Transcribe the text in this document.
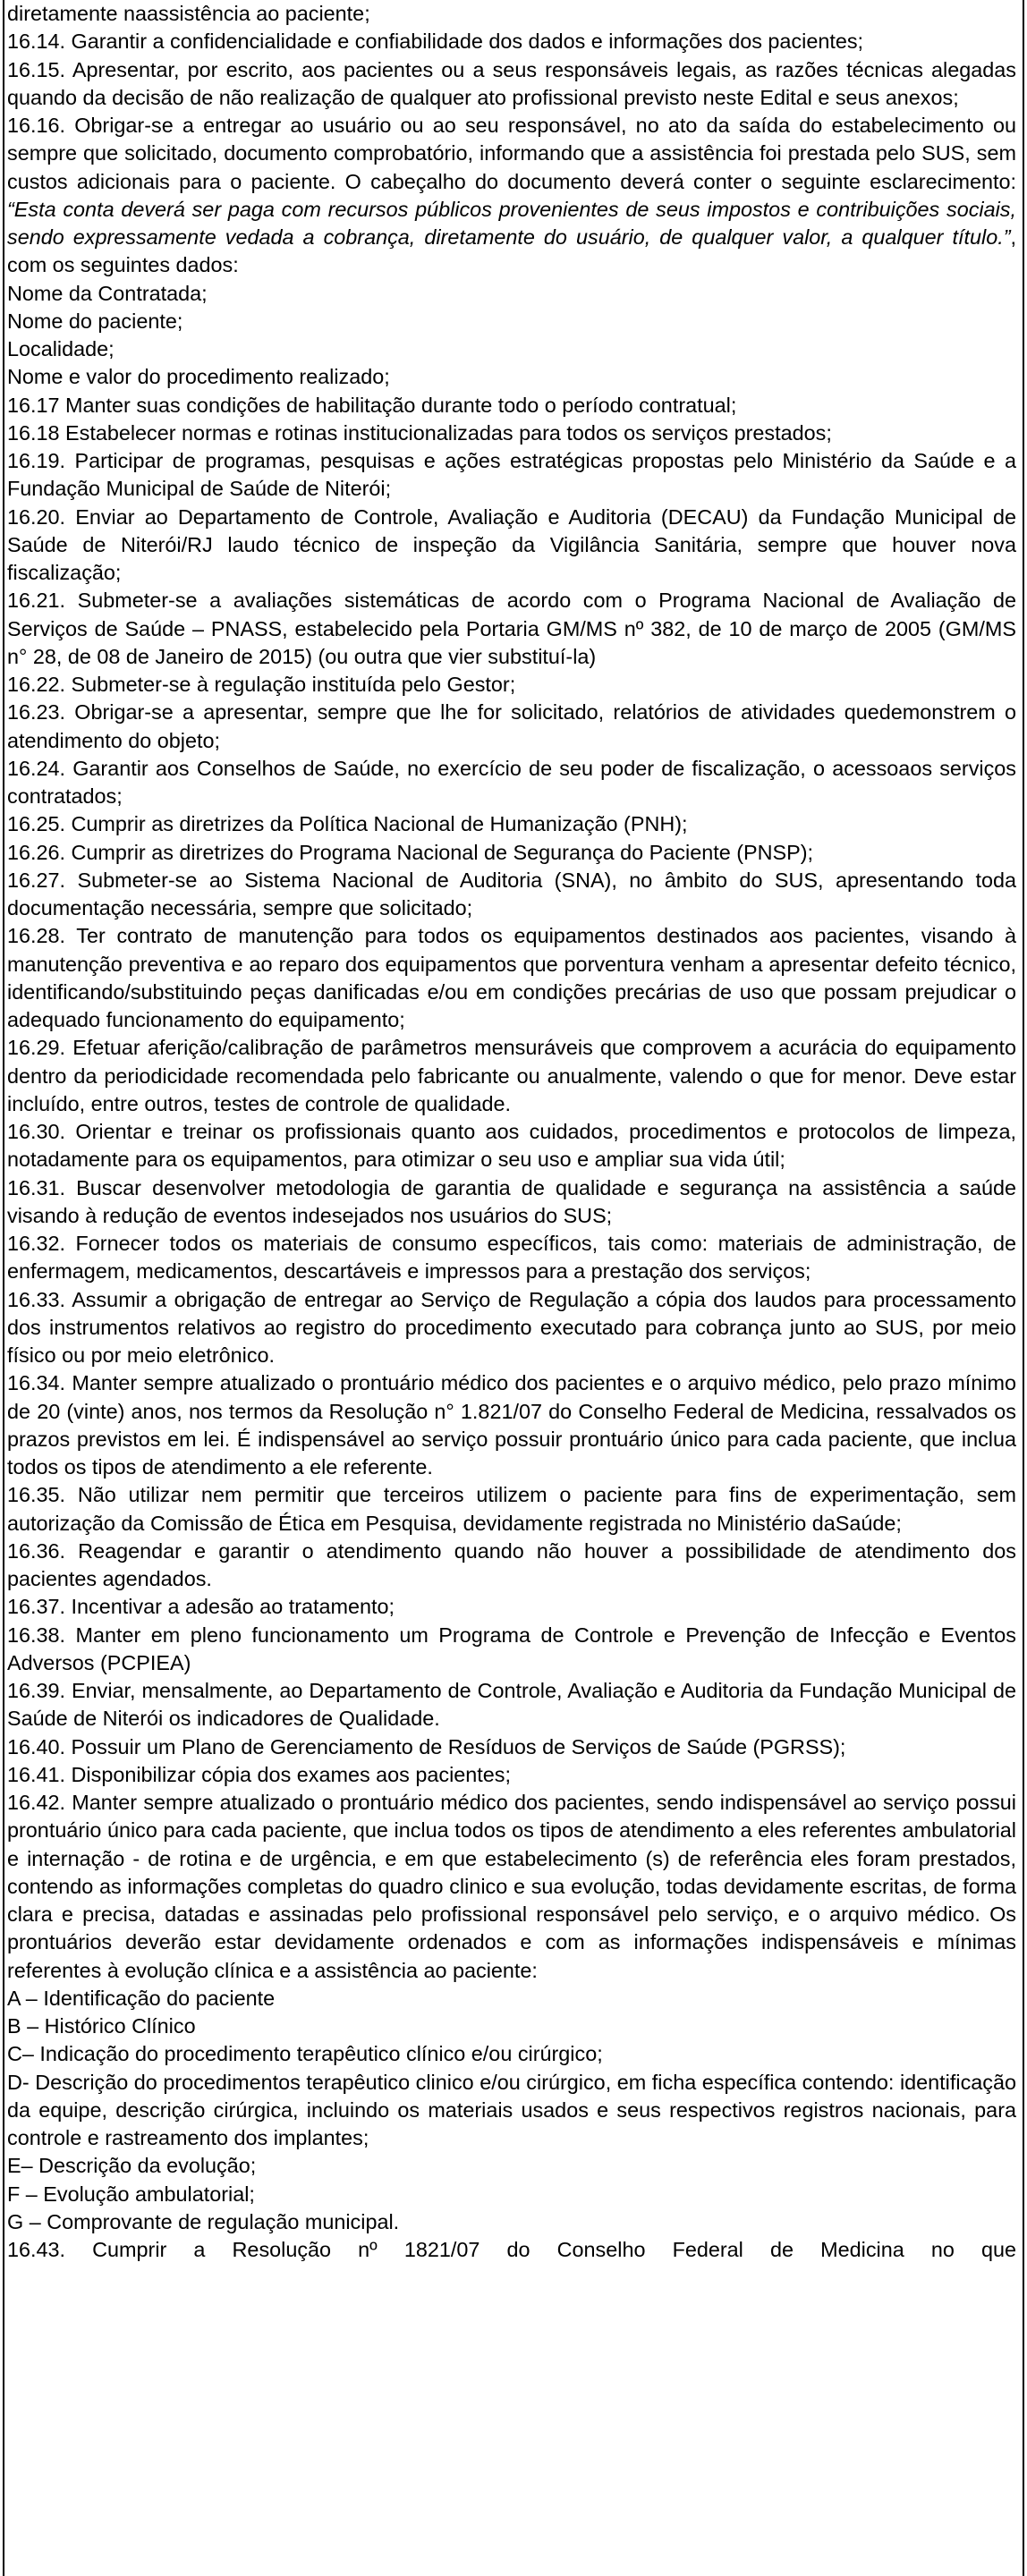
diretamente naassistência ao paciente;

16.14. Garantir a confidencialidade e confiabilidade dos dados e informações dos pacientes;

16.15. Apresentar, por escrito, aos pacientes ou a seus responsáveis legais, as razões técnicas alegadas quando da decisão de não realização de qualquer ato profissional previsto neste Edital e seus anexos;

16.16. Obrigar-se a entregar ao usuário ou ao seu responsável, no ato da saída do estabelecimento ou sempre que solicitado, documento comprobatório, informando que a assistência foi prestada pelo SUS, sem custos adicionais para o paciente. O cabeçalho do documento deverá conter o seguinte esclarecimento: “Esta conta deverá ser paga com recursos públicos provenientes de seus impostos e contribuições sociais, sendo expressamente vedada a cobrança, diretamente do usuário, de qualquer valor, a qualquer título.”, com os seguintes dados:

Nome da Contratada;

Nome do paciente;

Localidade;

Nome e valor do procedimento realizado;

16.17 Manter suas condições de habilitação durante todo o período contratual;

16.18 Estabelecer normas e rotinas institucionalizadas para todos os serviços prestados;

16.19. Participar de programas, pesquisas e ações estratégicas propostas pelo Ministério da Saúde e a Fundação Municipal de Saúde de Niterói;

16.20. Enviar ao Departamento de Controle, Avaliação e Auditoria (DECAU) da Fundação Municipal de Saúde de Niterói/RJ laudo técnico de inspeção da Vigilância Sanitária, sempre que houver nova fiscalização;

16.21. Submeter-se a avaliações sistemáticas de acordo com o Programa Nacional de Avaliação de Serviços de Saúde – PNASS, estabelecido pela Portaria GM/MS nº 382, de 10 de março de 2005 (GM/MS n° 28, de 08 de Janeiro de 2015) (ou outra que vier substituí-la)

16.22. Submeter-se à regulação instituída pelo Gestor;

16.23. Obrigar-se a apresentar, sempre que lhe for solicitado, relatórios de atividades quedemonstrem o atendimento do objeto;

16.24. Garantir aos Conselhos de Saúde, no exercício de seu poder de fiscalização, o acessoaos serviços contratados;

16.25. Cumprir as diretrizes da Política Nacional de Humanização (PNH);

16.26. Cumprir as diretrizes do Programa Nacional de Segurança do Paciente (PNSP);

16.27. Submeter-se ao Sistema Nacional de Auditoria (SNA), no âmbito do SUS, apresentando toda documentação necessária, sempre que solicitado;

16.28. Ter contrato de manutenção para todos os equipamentos destinados aos pacientes, visando à manutenção preventiva e ao reparo dos equipamentos que porventura venham a apresentar defeito técnico, identificando/substituindo peças danificadas e/ou em condições precárias de uso que possam prejudicar o adequado funcionamento do equipamento;

16.29. Efetuar aferição/calibração de parâmetros mensuráveis que comprovem a acurácia do equipamento dentro da periodicidade recomendada pelo fabricante ou anualmente, valendo o que for menor. Deve estar incluído, entre outros, testes de controle de qualidade.

16.30. Orientar e treinar os profissionais quanto aos cuidados, procedimentos e protocolos de limpeza, notadamente para os equipamentos, para otimizar o seu uso e ampliar sua vida útil;

16.31. Buscar desenvolver metodologia de garantia de qualidade e segurança na assistência a saúde visando à redução de eventos indesejados nos usuários do SUS;

16.32. Fornecer todos os materiais de consumo específicos, tais como: materiais de administração, de enfermagem, medicamentos, descartáveis e impressos para a prestação dos serviços;

16.33. Assumir a obrigação de entregar ao Serviço de Regulação a cópia dos laudos para processamento dos instrumentos relativos ao registro do procedimento executado para cobrança junto ao SUS, por meio físico ou por meio eletrônico.

16.34. Manter sempre atualizado o prontuário médico dos pacientes e o arquivo médico, pelo prazo mínimo de 20 (vinte) anos, nos termos da Resolução n° 1.821/07 do Conselho Federal de Medicina, ressalvados os prazos previstos em lei. É indispensável ao serviço possuir prontuário único para cada paciente, que inclua todos os tipos de atendimento a ele referente.

16.35. Não utilizar nem permitir que terceiros utilizem o paciente para fins de experimentação, sem autorização da Comissão de Ética em Pesquisa, devidamente registrada no Ministério daSaúde;

16.36. Reagendar e garantir o atendimento quando não houver a possibilidade de atendimento dos pacientes agendados.

16.37. Incentivar a adesão ao tratamento;

16.38. Manter em pleno funcionamento um Programa de Controle e Prevenção de Infecção e Eventos Adversos (PCPIEA)

16.39. Enviar, mensalmente, ao Departamento de Controle, Avaliação e Auditoria da Fundação Municipal de Saúde de Niterói os indicadores de Qualidade.

16.40. Possuir um Plano de Gerenciamento de Resíduos de Serviços de Saúde (PGRSS);

16.41. Disponibilizar cópia dos exames aos pacientes;

16.42. Manter sempre atualizado o prontuário médico dos pacientes, sendo indispensável ao serviço possui prontuário único para cada paciente, que inclua todos os tipos de atendimento a eles referentes ambulatorial e internação - de rotina e de urgência, e em que estabelecimento (s) de referência eles foram prestados, contendo as informações completas do quadro clinico e sua evolução, todas devidamente escritas, de forma clara e precisa, datadas e assinadas pelo profissional responsável pelo serviço, e o arquivo médico. Os prontuários deverão estar devidamente ordenados e com as informações indispensáveis e mínimas referentes à evolução clínica e a assistência ao paciente:

A – Identificação do paciente

B – Histórico Clínico

C– Indicação do procedimento terapêutico clínico e/ou cirúrgico;

D- Descrição do procedimentos terapêutico clinico e/ou cirúrgico, em ficha específica contendo: identificação da equipe, descrição cirúrgica, incluindo os materiais usados e seus respectivos registros nacionais, para controle e rastreamento dos implantes;

E– Descrição da evolução;

F – Evolução ambulatorial;

G – Comprovante de regulação municipal.

16.43. Cumprir a Resolução nº 1821/07 do Conselho Federal de Medicina no que
